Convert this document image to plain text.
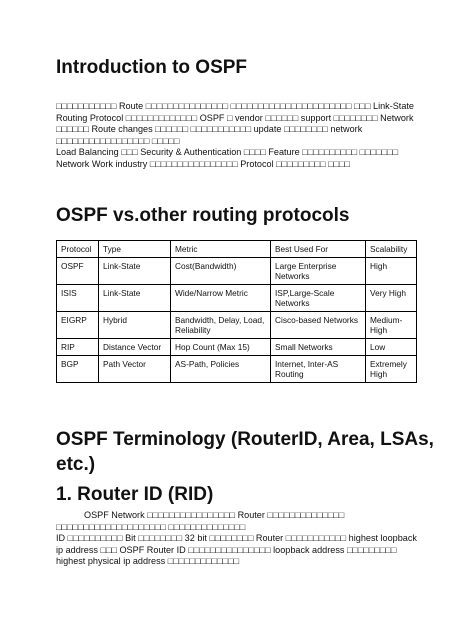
Introduction to OSPF
□□□□□□□□□□□ Route □□□□□□□□□□□□□□□ □□□□□□□□□□□□□□□□□□□□□□ □□□ Link-State Routing Protocol □□□□□□□□□□□□□ OSPF □ vendor □□□□□□ support □□□□□□□□ Network □□□□□□ Route changes □□□□□□ □□□□□□□□□□□ update □□□□□□□□ network □□□□□□□□□□□□□□□□□ □□□□□
Load Balancing □□□ Security & Authentication □□□□ Feature □□□□□□□□□□ □□□□□□□ Network Work industry □□□□□□□□□□□□□□□□ Protocol □□□□□□□□□ □□□□
OSPF vs.other routing protocols
Protocol	Type	Metric	Best Used For	Scalability
OSPF	Link-State	Cost(Bandwidth)	Large Enterprise Networks	High
ISIS	Link-State	Wide/Narrow Metric	ISP,Large-Scale Networks	Very High
EIGRP	Hybrid	Bandwidth, Delay, Load, Reliability	Cisco-based Networks	Medium-High
RIP	Distance Vector	Hop Count (Max 15)	Small Networks	Low
BGP	Path Vector	AS-Path, Policies	Internet, Inter-AS Routing	Extremely High
OSPF Terminology (RouterID, Area, LSAs, etc.)
1. Router ID (RID)
OSPF Network □□□□□□□□□□□□□□□□ Router □□□□□□□□□□□□□□ □□□□□□□□□□□□□□□□□□□□ □□□□□□□□□□□□□□
ID □□□□□□□□□□ Bit □□□□□□□□ 32 bit □□□□□□□□ Router □□□□□□□□□□□ highest loopback ip address □□□ OSPF Router ID □□□□□□□□□□□□□□□ loopback address □□□□□□□□□ highest physical ip address □□□□□□□□□□□□□
